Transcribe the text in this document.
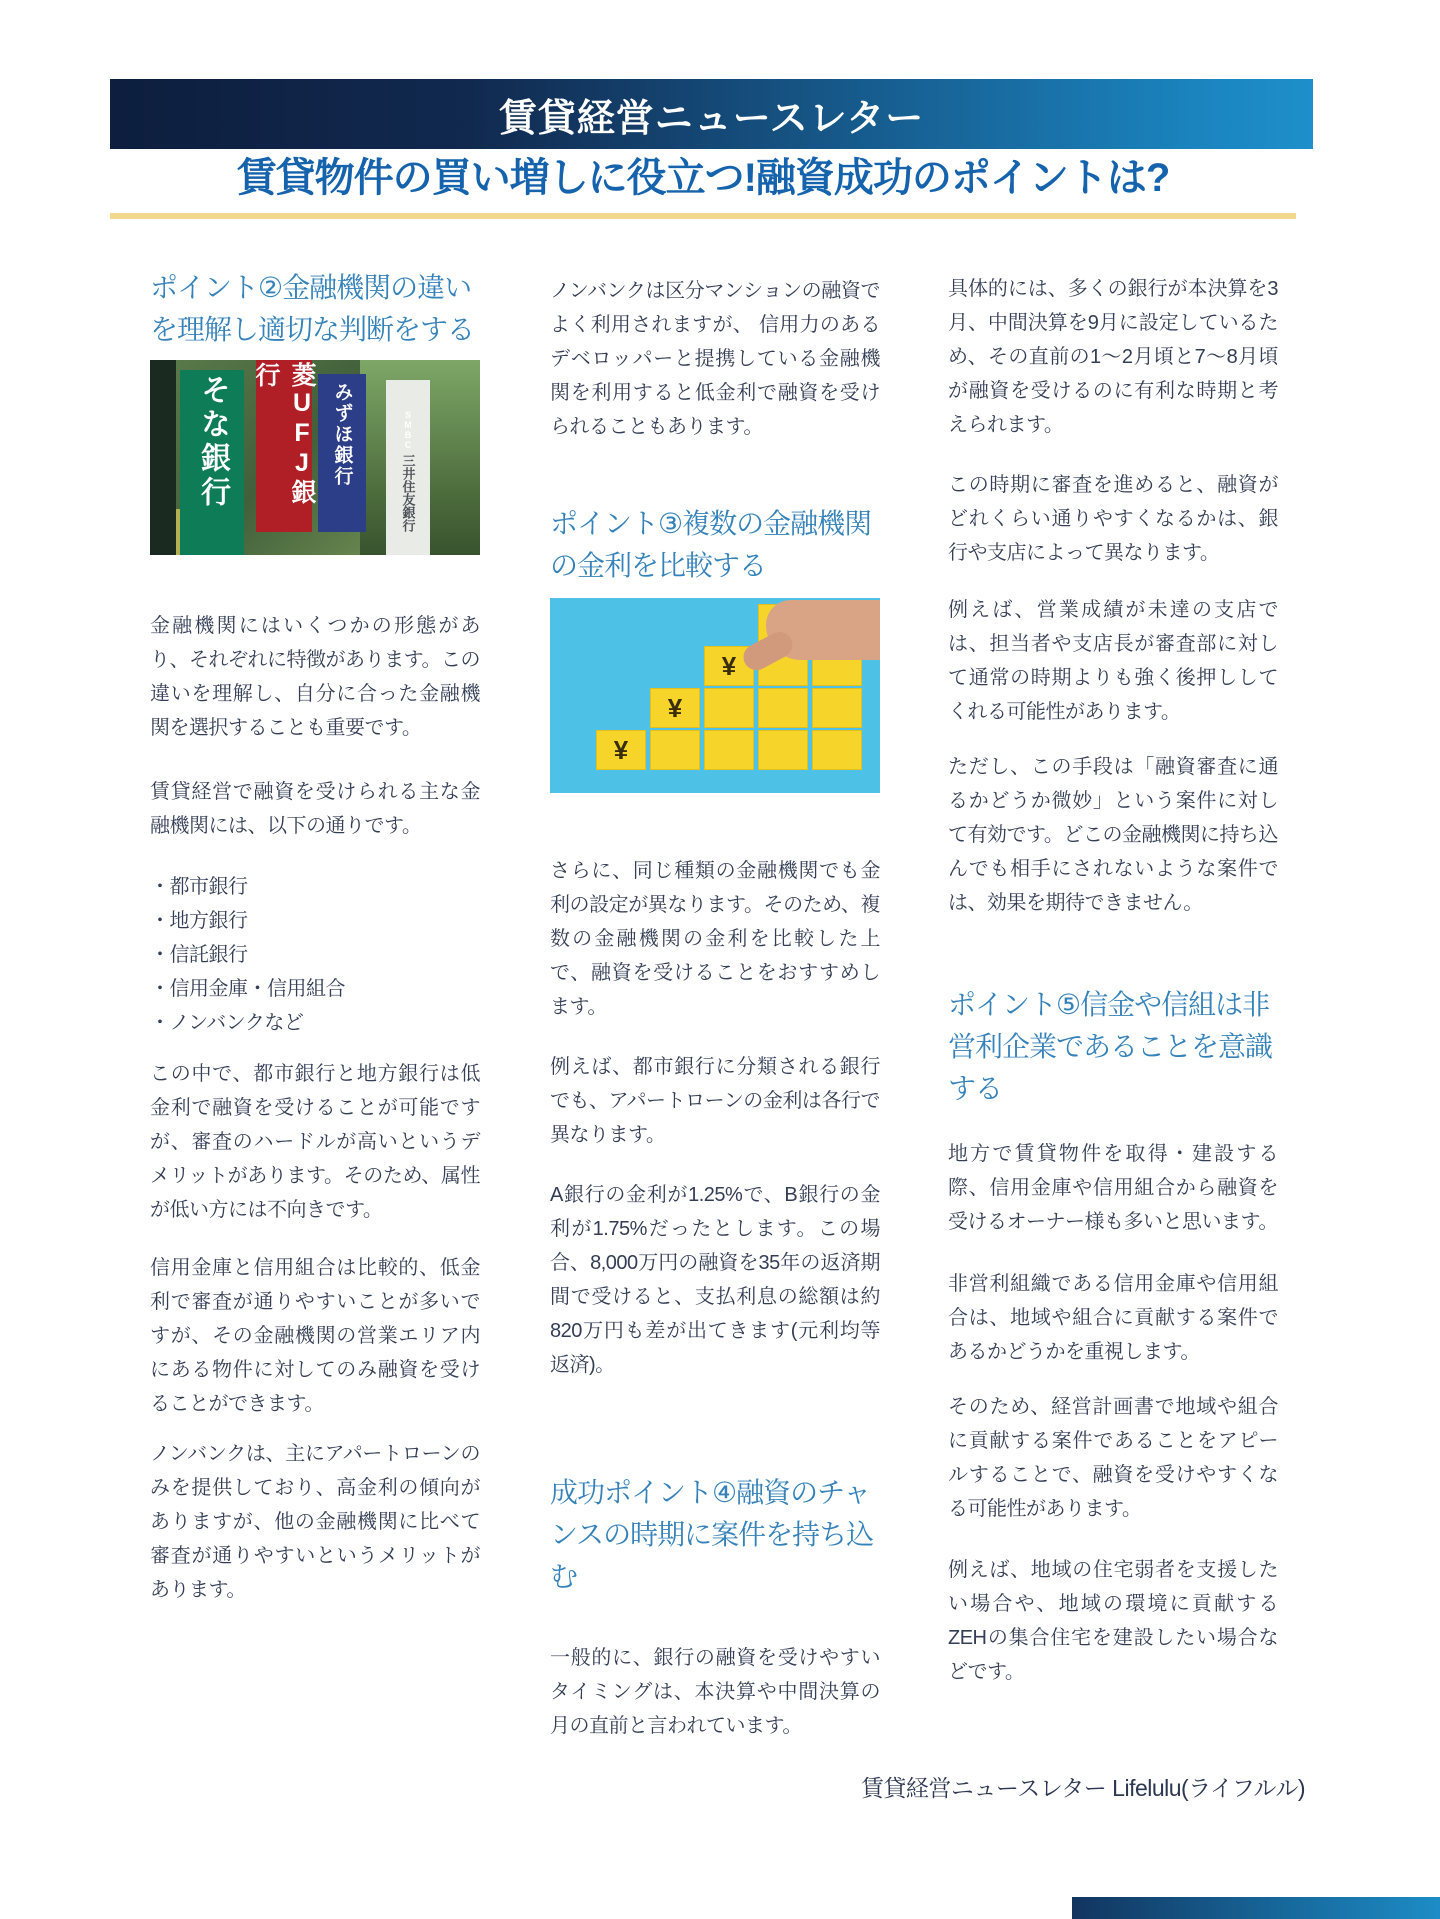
賃貸経営ニュースレター
賃貸物件の買い増しに役立つ!融資成功のポイントは?
ポイント②金融機関の違いを理解し適切な判断をする
そな銀行	菱UFJ銀行
みずほ銀行	SMBC
三井住友銀行

金融機関にはいくつかの形態があり、それぞれに特徴があります。この違いを理解し、自分に合った金融機関を選択することも重要です。

賃貸経営で融資を受けられる主な金融機関には、以下の通りです。

・都市銀行
・地方銀行
・信託銀行
・信用金庫・信用組合
・ノンバンクなど

この中で、都市銀行と地方銀行は低金利で融資を受けることが可能ですが、審査のハードルが高いというデメリットがあります。そのため、属性が低い方には不向きです。

信用金庫と信用組合は比較的、低金利で審査が通りやすいことが多いですが、その金融機関の営業エリア内にある物件に対してのみ融資を受けることができます。

ノンバンクは、主にアパートローンのみを提供しており、高金利の傾向がありますが、他の金融機関に比べて審査が通りやすいというメリットがあります。

ノンバンクは区分マンションの融資でよく利用されますが、 信用力のあるデベロッパーと提携している金融機関を利用すると低金利で融資を受けられることもあります。

ポイント③複数の金融機関の金利を比較する
¥
¥
¥

さらに、同じ種類の金融機関でも金利の設定が異なります。そのため、複数の金融機関の金利を比較した上で、融資を受けることをおすすめします。

例えば、都市銀行に分類される銀行でも、アパートローンの金利は各行で異なります。

A銀行の金利が1.25%で、B銀行の金利が1.75%だったとします。この場合、8,000万円の融資を35年の返済期間で受けると、支払利息の総額は約820万円も差が出てきます(元利均等返済)。

成功ポイント④融資のチャンスの時期に案件を持ち込む

一般的に、銀行の融資を受けやすいタイミングは、本決算や中間決算の月の直前と言われています。

具体的には、多くの銀行が本決算を3月、中間決算を9月に設定しているため、その直前の1〜2月頃と7〜8月頃が融資を受けるのに有利な時期と考えられます。

この時期に審査を進めると、融資がどれくらい通りやすくなるかは、銀行や支店によって異なります。

例えば、営業成績が未達の支店では、担当者や支店長が審査部に対して通常の時期よりも強く後押ししてくれる可能性があります。

ただし、この手段は「融資審査に通るかどうか微妙」という案件に対して有効です。どこの金融機関に持ち込んでも相手にされないような案件では、効果を期待できません。

ポイント⑤信金や信組は非営利企業であることを意識する

地方で賃貸物件を取得・建設する際、信用金庫や信用組合から融資を受けるオーナー様も多いと思います。

非営利組織である信用金庫や信用組合は、地域や組合に貢献する案件であるかどうかを重視します。

そのため、経営計画書で地域や組合に貢献する案件であることをアピールすることで、融資を受けやすくなる可能性があります。

例えば、地域の住宅弱者を支援したい場合や、地域の環境に貢献するZEHの集合住宅を建設したい場合などです。

賃貸経営ニュースレター Lifelulu(ライフルル)
